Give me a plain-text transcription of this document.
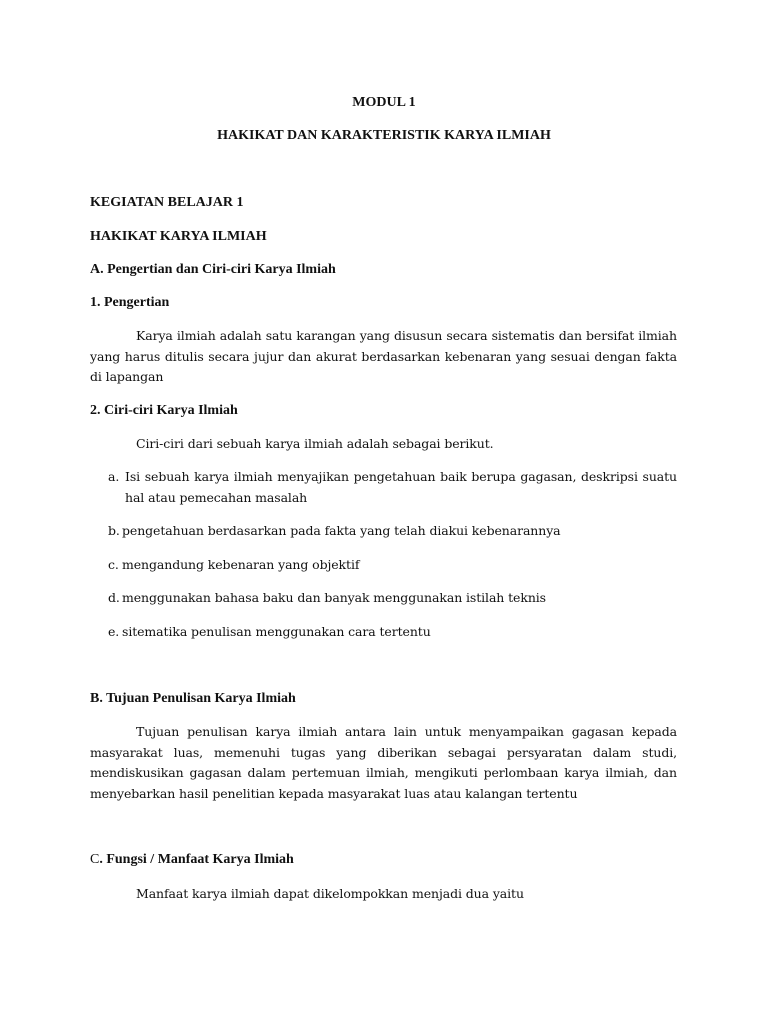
MODUL 1
HAKIKAT DAN KARAKTERISTIK KARYA ILMIAH
KEGIATAN BELAJAR 1
HAKIKAT KARYA ILMIAH
A. Pengertian dan Ciri-ciri Karya Ilmiah
1. Pengertian
Karya ilmiah adalah satu karangan yang disusun secara sistematis dan bersifat ilmiah yang harus ditulis secara jujur dan akurat berdasarkan kebenaran yang sesuai dengan fakta di lapangan
2. Ciri-ciri Karya Ilmiah
Ciri-ciri dari sebuah karya ilmiah adalah sebagai berikut.
a. Isi sebuah karya ilmiah menyajikan pengetahuan baik berupa gagasan, deskripsi suatu hal atau pemecahan masalah
b. pengetahuan berdasarkan pada fakta yang telah diakui kebenarannya
c. mengandung kebenaran yang objektif
d. menggunakan bahasa baku dan banyak menggunakan istilah teknis
e. sitematika penulisan menggunakan cara tertentu
B. Tujuan Penulisan Karya Ilmiah
Tujuan penulisan karya ilmiah antara lain untuk menyampaikan gagasan kepada masyarakat luas, memenuhi tugas yang diberikan sebagai persyaratan dalam studi, mendiskusikan gagasan dalam pertemuan ilmiah, mengikuti perlombaan karya ilmiah, dan menyebarkan hasil penelitian kepada masyarakat luas atau kalangan tertentu
C. Fungsi / Manfaat Karya Ilmiah
Manfaat karya ilmiah dapat dikelompokkan menjadi dua yaitu
